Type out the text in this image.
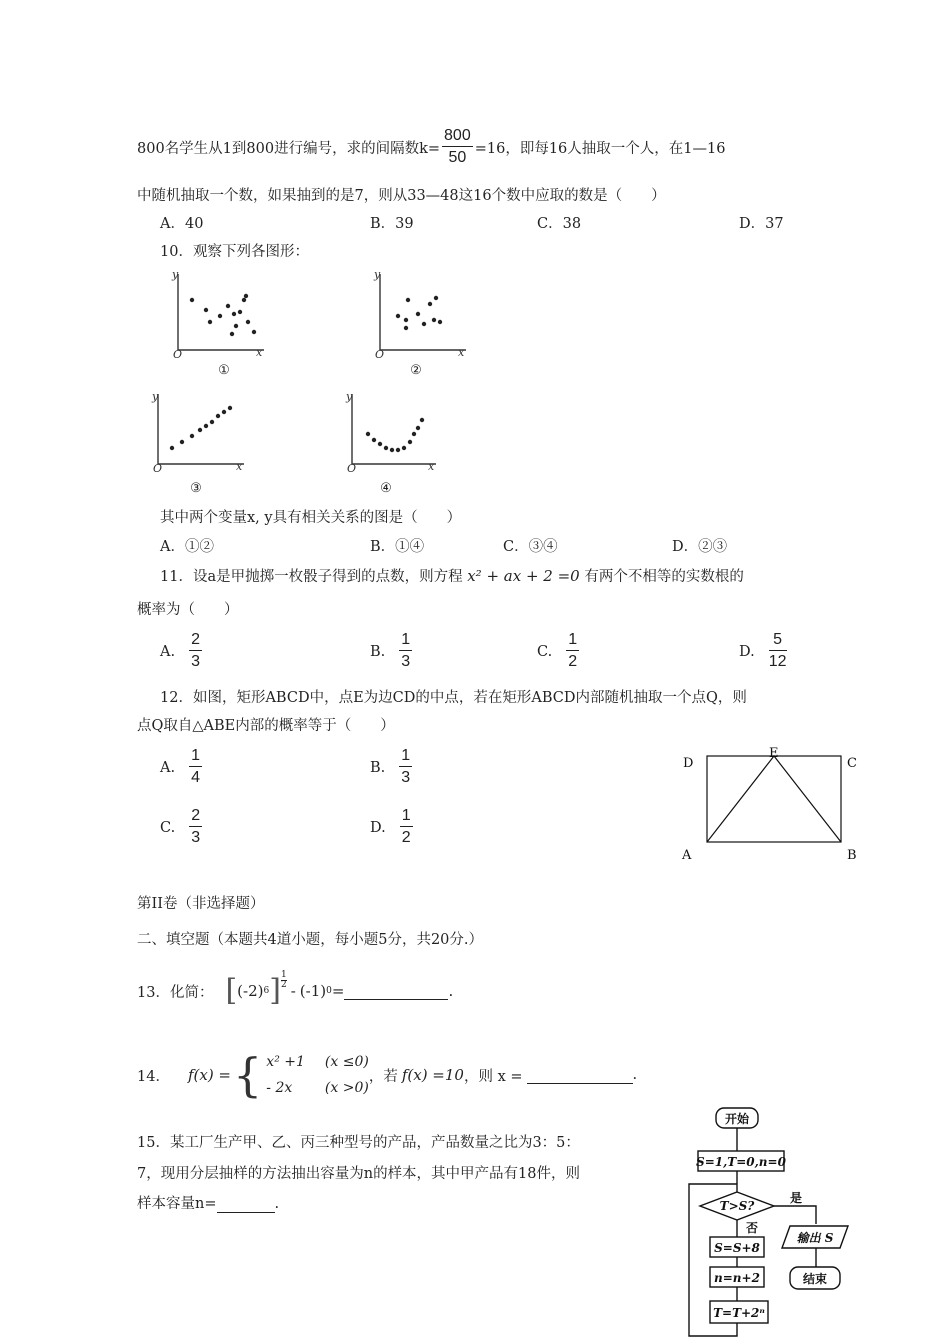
800名学生从1到800进行编号，求的间隔数$k= \frac{800}{50} =16$，即每16人抽取一个人，在1—16
中随机抽取一个数，如果抽到的是7，则从33—48这16个数中应取的数是（　　）
A．40	B．39	C．38	D．37
10．观察下列各图形：
y
x
O
y
x
O
y
x
O
y
x
O
①	②
③	④
其中两个变量x, y具有相关关系的图是（　　）
A．①②	B．①④	C．③④	D．②③
11．设a是甲抛掷一枚骰子得到的点数，则方程 x² + ax + 2 =0 有两个不相等的实数根的
概率为（　　）
A. $\frac{2}{3}$	B. $\frac{1}{3}$	C. $\frac{1}{2}$	D. $\frac{5}{12}$
12．如图，矩形ABCD中，点E为边CD的中点，若在矩形ABCD内部随机抽取一个点Q，则
点Q取自△ABE内部的概率等于（　　）
A. $\frac{1}{4}$	B. $\frac{1}{3}$
C. $\frac{2}{3}$	D. $\frac{1}{2}$
A	B
C
D
E
第II卷（非选择题）
二、填空题（本题共4道小题，每小题5分，共20分.）
13．化简： [ ( -2 ) 6 ] $\frac{1}{2}$
- ( -1 ) 0 =	.
14． f(x) = { x² +1 (x ≤0)
- 2x	(x >0)
，若 f(x) =10 ，则 x =	.
15．某工厂生产甲、乙、丙三种型号的产品，产品数量之比为3：5：
7，现用分层抽样的方法抽出容量为n的样本，其中甲产品有18件，则
样本容量n=	.
开始
S=1,T=0,n=0
T>S?
是
否
输出 S
结束
S=S+8
n=n+2
T=T+2ⁿ
